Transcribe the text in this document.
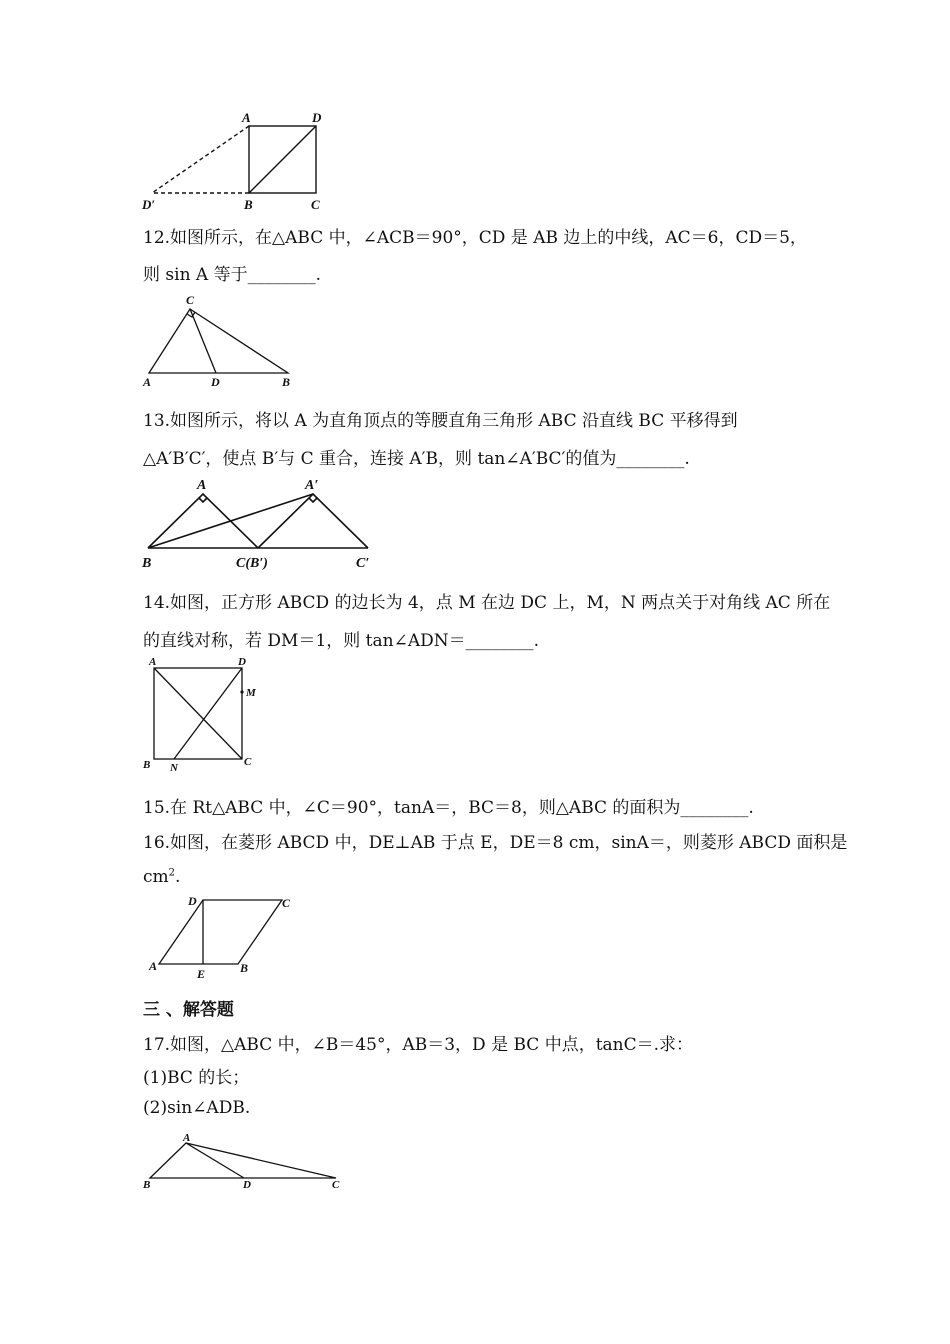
A	D
D′	B	C
12.如图所示，在△ABC 中，∠ACB＝90°，CD 是 AB 边上的中线，AC＝6，CD＝5，
则 sin A 等于________.
C
A	D	B
13.如图所示，将以 A 为直角顶点的等腰直角三角形 ABC 沿直线 BC 平移得到
△A′B′C′，使点 B′与 C 重合，连接 A′B，则 tan∠A′BC′的值为________.
A	A′
B	C(B′)	C′
14.如图，正方形 ABCD 的边长为 4，点 M 在边 DC 上，M，N 两点关于对角线 AC 所在
的直线对称，若 DM＝1，则 tan∠ADN＝________.
A	D
M
B N	C
15.在 Rt△ABC 中，∠C＝90°，tanA＝，BC＝8，则△ABC 的面积为________.
16.如图，在菱形 ABCD 中，DE⊥AB 于点 E，DE＝8 cm，sinA＝，则菱形 ABCD 面积是
$cm^2$.
D	C
A
E	B
三 、解答题
17.如图，△ABC 中，∠B＝45°，AB＝3，D 是 BC 中点，tanC＝.求：
(1)BC 的长；
(2)sin∠ADB.
A
B	D	C
